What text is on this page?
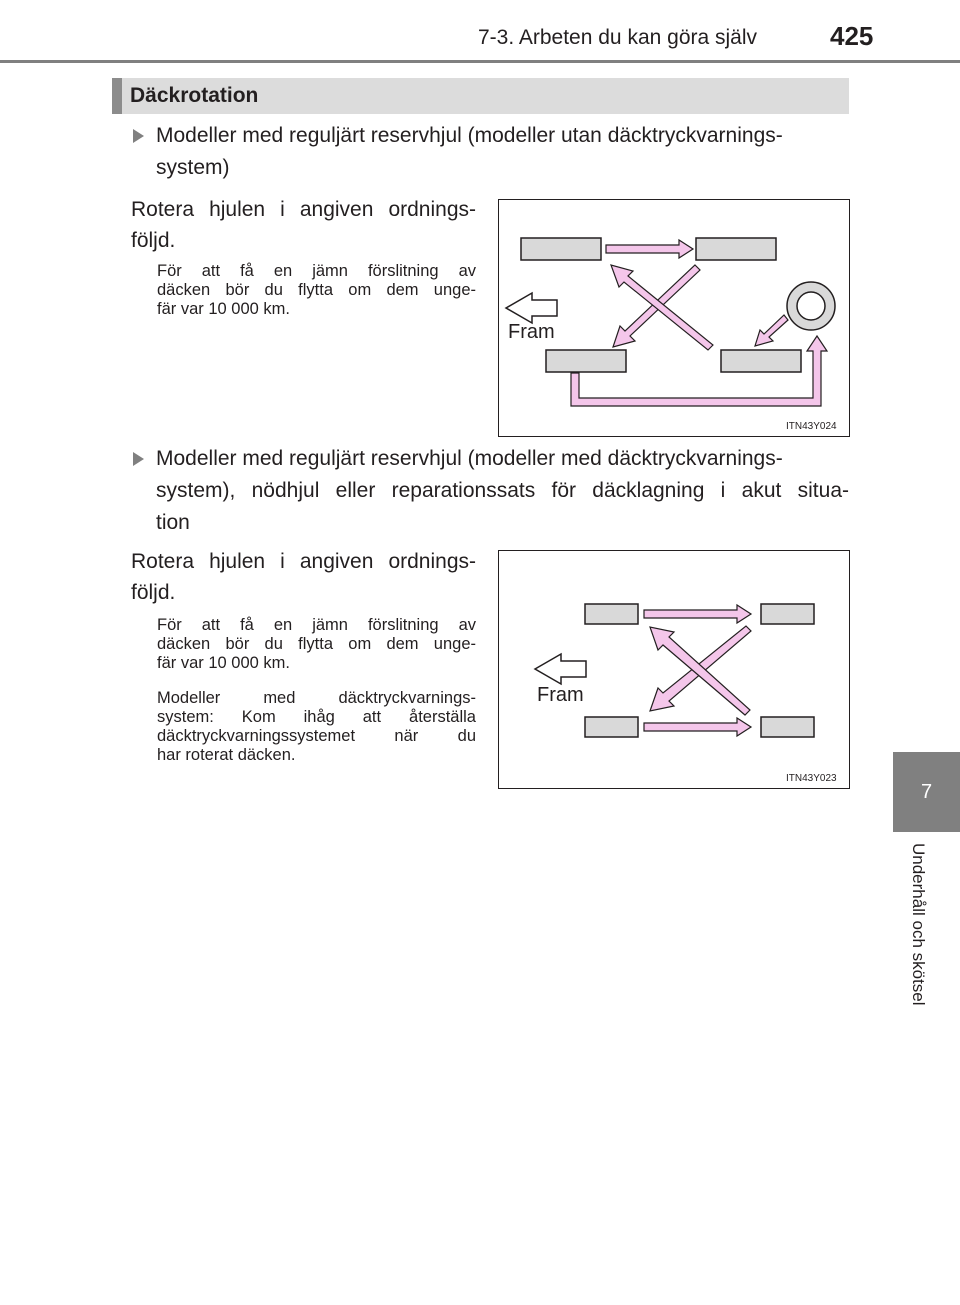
7-3. Arbeten du kan göra själv	425
Däckrotation
7
Underhåll och skötsel
Modeller med reguljärt reservhjul (modeller utan däcktryckvarnings-
system)
Rotera hjulen i angiven ordnings-
följd.
För att få en jämn förslitning av
däcken bör du flytta om dem unge-
fär var 10 000 km.
Fram
ITN43Y024
Modeller med reguljärt reservhjul (modeller med däcktryckvarnings-
system), nödhjul eller reparationssats för däcklagning i akut situa-
tion
Rotera hjulen i angiven ordnings-
följd.
För att få en jämn förslitning av
däcken bör du flytta om dem unge-
fär var 10 000 km.
Modeller med däcktryckvarnings-
system: Kom ihåg att återställa
däcktryckvarningssystemet när du
har roterat däcken.
Fram
ITN43Y023
